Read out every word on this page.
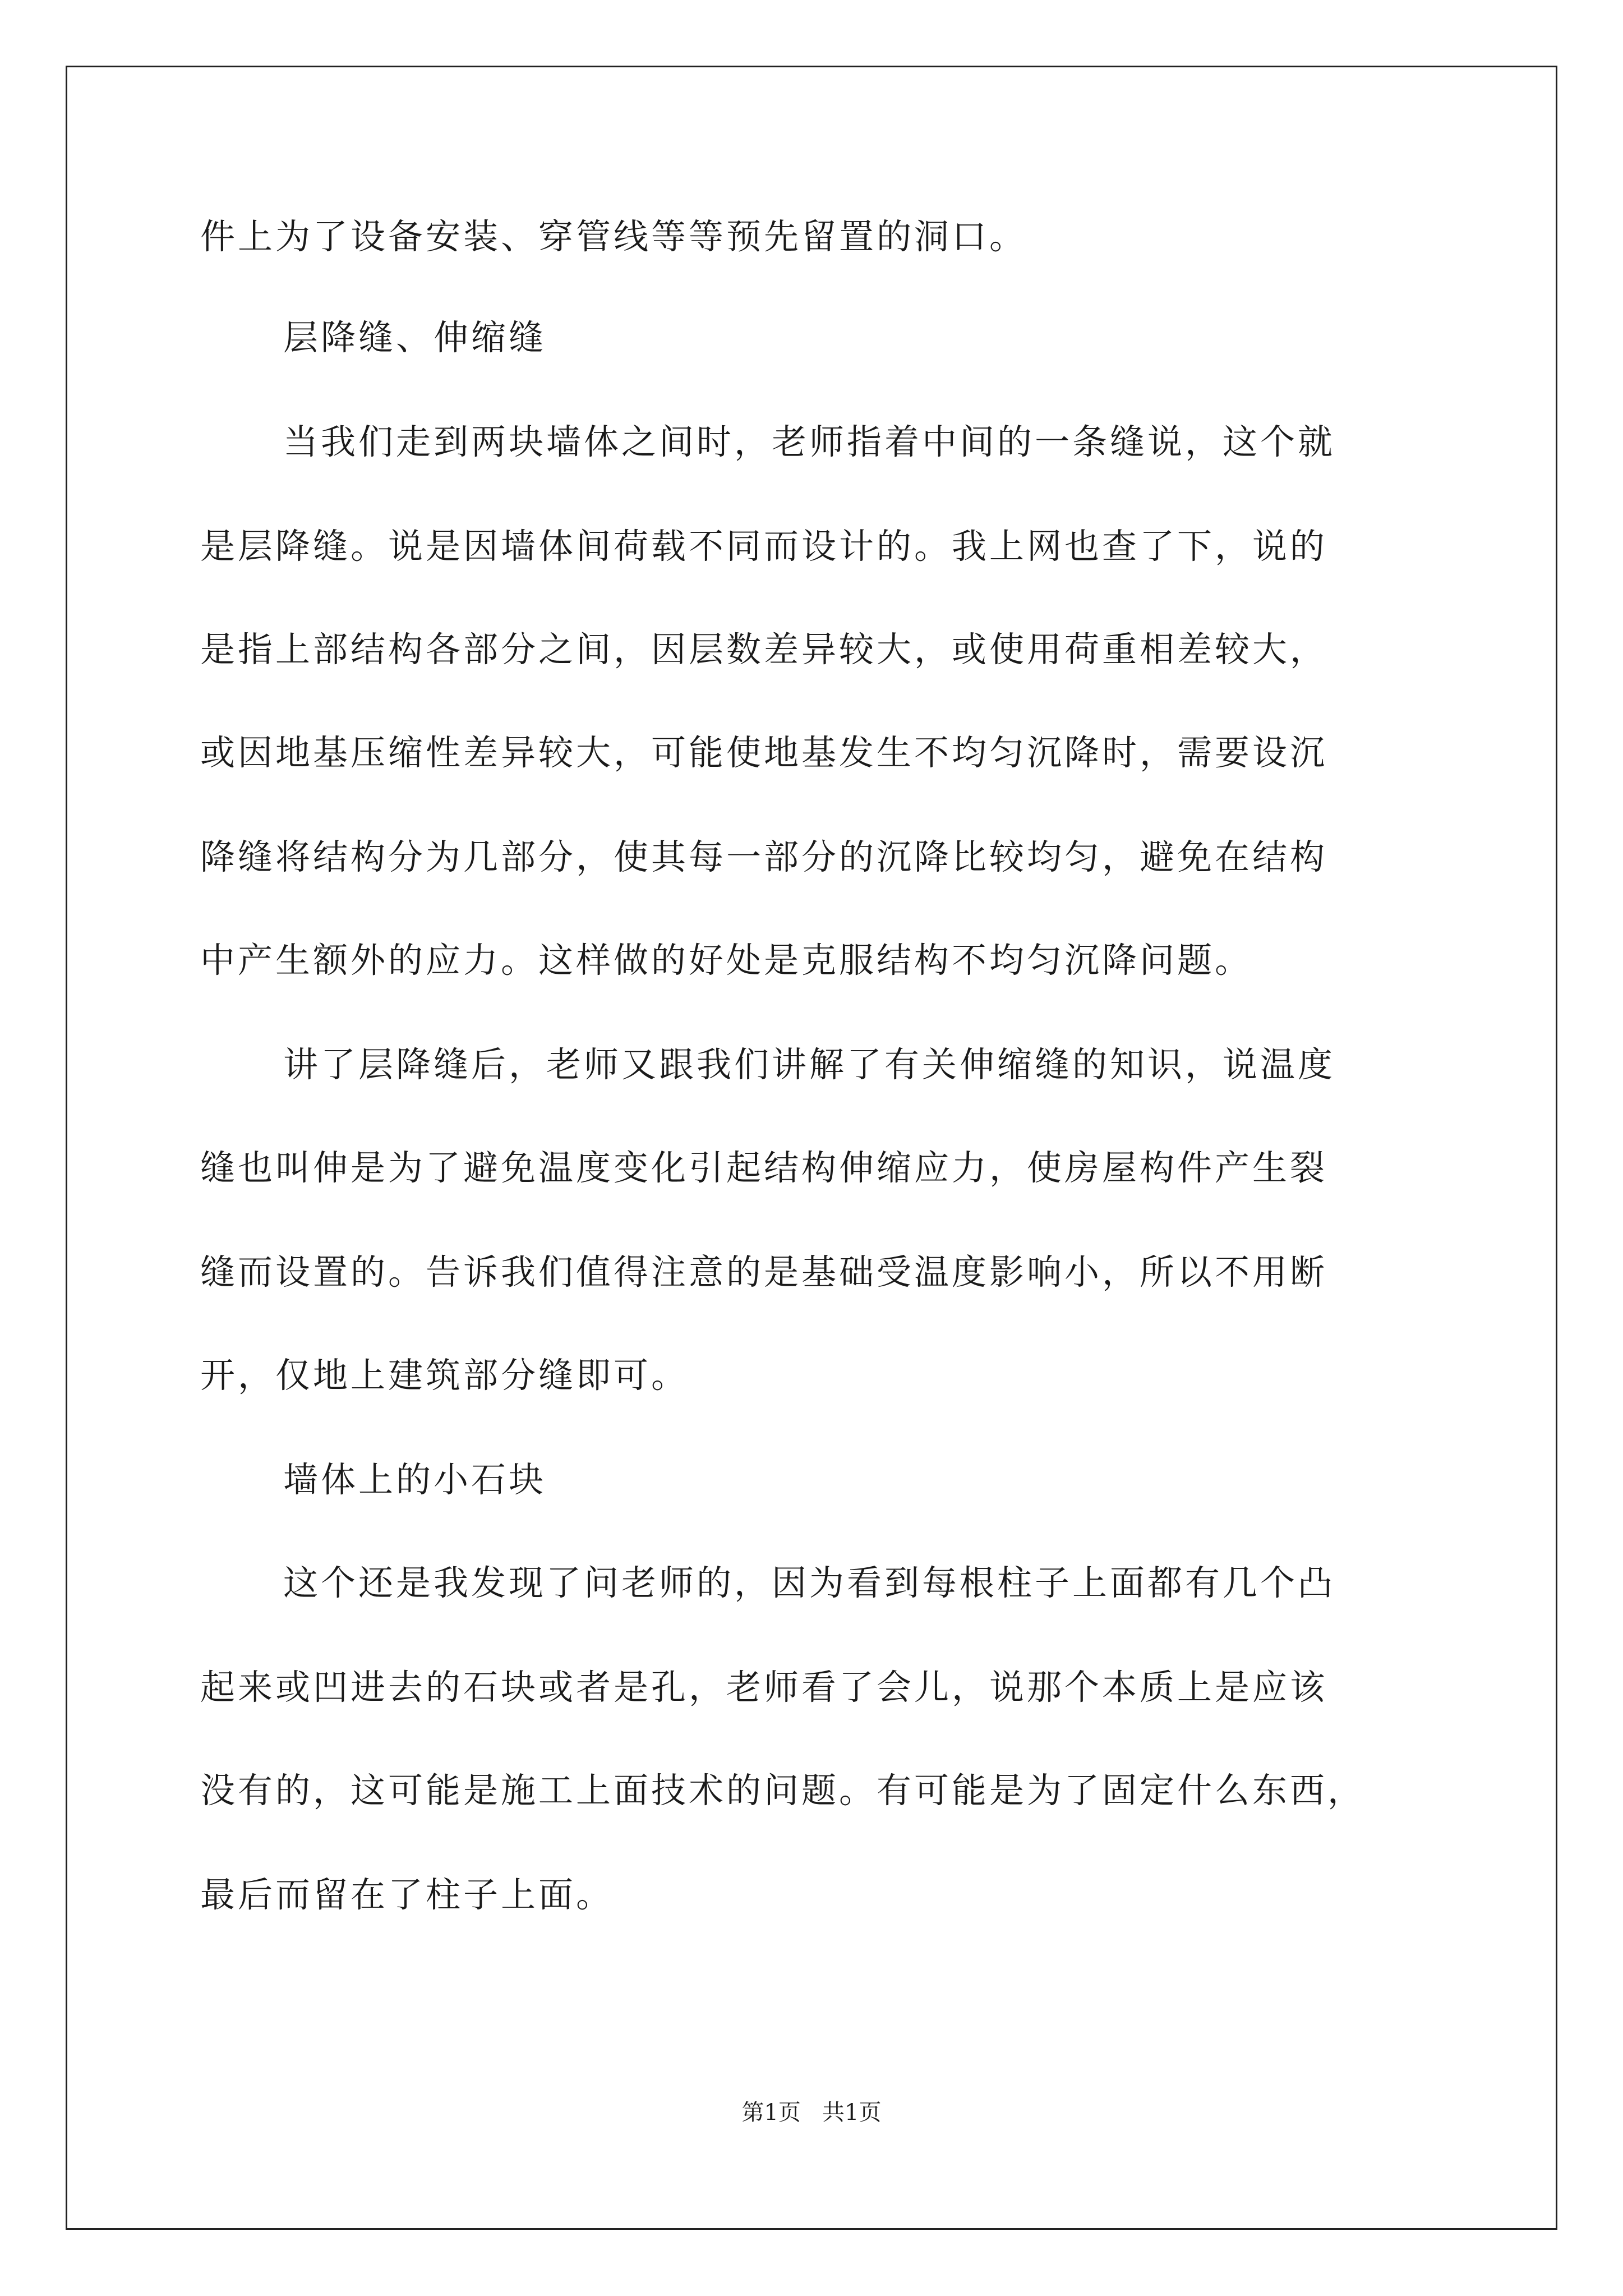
件上为了设备安装、穿管线等等预先留置的洞口。
层降缝、伸缩缝
当我们走到两块墙体之间时，老师指着中间的一条缝说，这个就
是层降缝。说是因墙体间荷载不同而设计的。我上网也查了下，说的
是指上部结构各部分之间，因层数差异较大，或使用荷重相差较大，
或因地基压缩性差异较大，可能使地基发生不均匀沉降时，需要设沉
降缝将结构分为几部分，使其每一部分的沉降比较均匀，避免在结构
中产生额外的应力。这样做的好处是克服结构不均匀沉降问题。
讲了层降缝后，老师又跟我们讲解了有关伸缩缝的知识，说温度
缝也叫伸是为了避免温度变化引起结构伸缩应力，使房屋构件产生裂
缝而设置的。告诉我们值得注意的是基础受温度影响小，所以不用断
开，仅地上建筑部分缝即可。
墙体上的小石块
这个还是我发现了问老师的，因为看到每根柱子上面都有几个凸
起来或凹进去的石块或者是孔，老师看了会儿，说那个本质上是应该
没有的，这可能是施工上面技术的问题。有可能是为了固定什么东西，
最后而留在了柱子上面。
第1页   共1页
